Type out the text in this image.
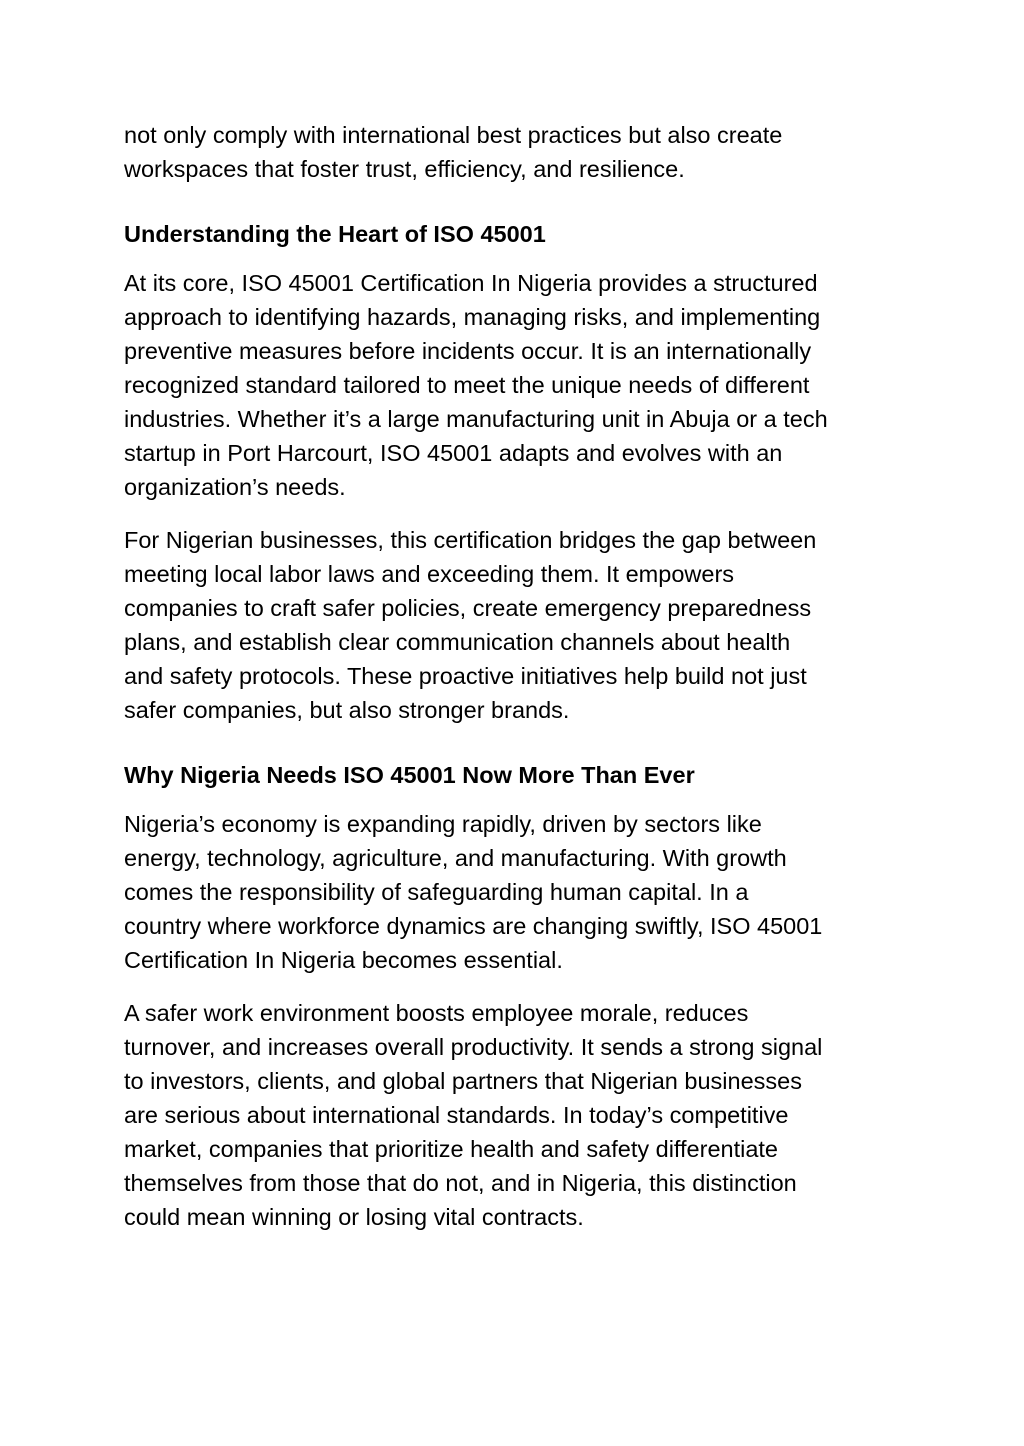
not only comply with international best practices but also create
workspaces that foster trust, efficiency, and resilience.

Understanding the Heart of ISO 45001

At its core, ISO 45001 Certification In Nigeria provides a structured
approach to identifying hazards, managing risks, and implementing
preventive measures before incidents occur. It is an internationally
recognized standard tailored to meet the unique needs of different
industries. Whether it’s a large manufacturing unit in Abuja or a tech
startup in Port Harcourt, ISO 45001 adapts and evolves with an
organization’s needs.

For Nigerian businesses, this certification bridges the gap between
meeting local labor laws and exceeding them. It empowers
companies to craft safer policies, create emergency preparedness
plans, and establish clear communication channels about health
and safety protocols. These proactive initiatives help build not just
safer companies, but also stronger brands.

Why Nigeria Needs ISO 45001 Now More Than Ever

Nigeria’s economy is expanding rapidly, driven by sectors like
energy, technology, agriculture, and manufacturing. With growth
comes the responsibility of safeguarding human capital. In a
country where workforce dynamics are changing swiftly, ISO 45001
Certification In Nigeria becomes essential.

A safer work environment boosts employee morale, reduces
turnover, and increases overall productivity. It sends a strong signal
to investors, clients, and global partners that Nigerian businesses
are serious about international standards. In today’s competitive
market, companies that prioritize health and safety differentiate
themselves from those that do not, and in Nigeria, this distinction
could mean winning or losing vital contracts.
